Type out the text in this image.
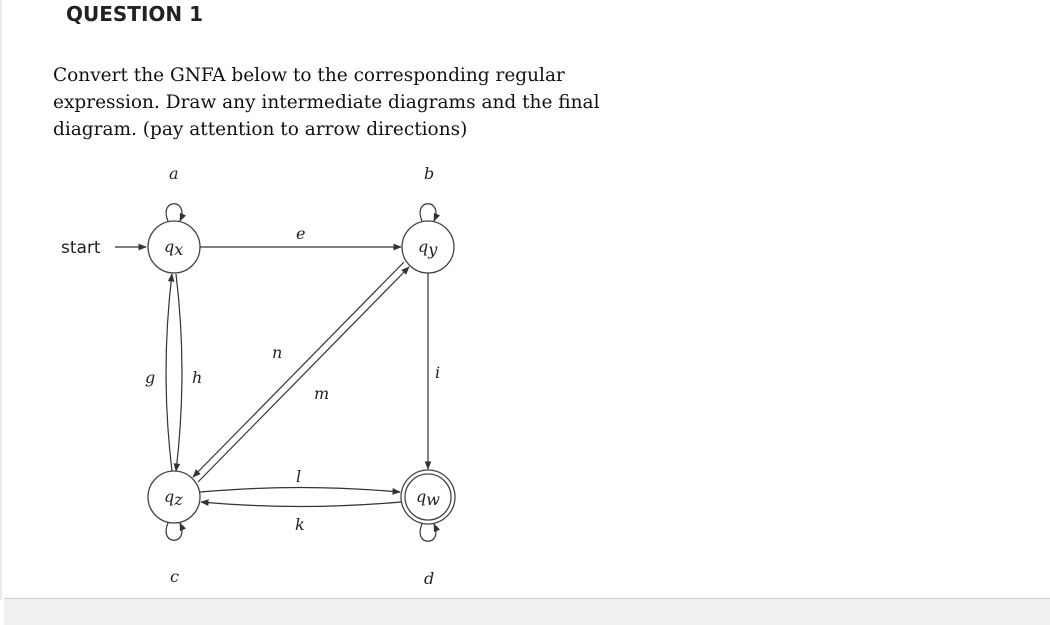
QUESTION 1
Convert the GNFA below to the corresponding regular
expression. Draw any intermediate diagrams and the final
diagram. (pay attention to arrow directions)
start	qx	qy
qz	qw
a	b
c	d
e
g h	i
n
m
l
k
